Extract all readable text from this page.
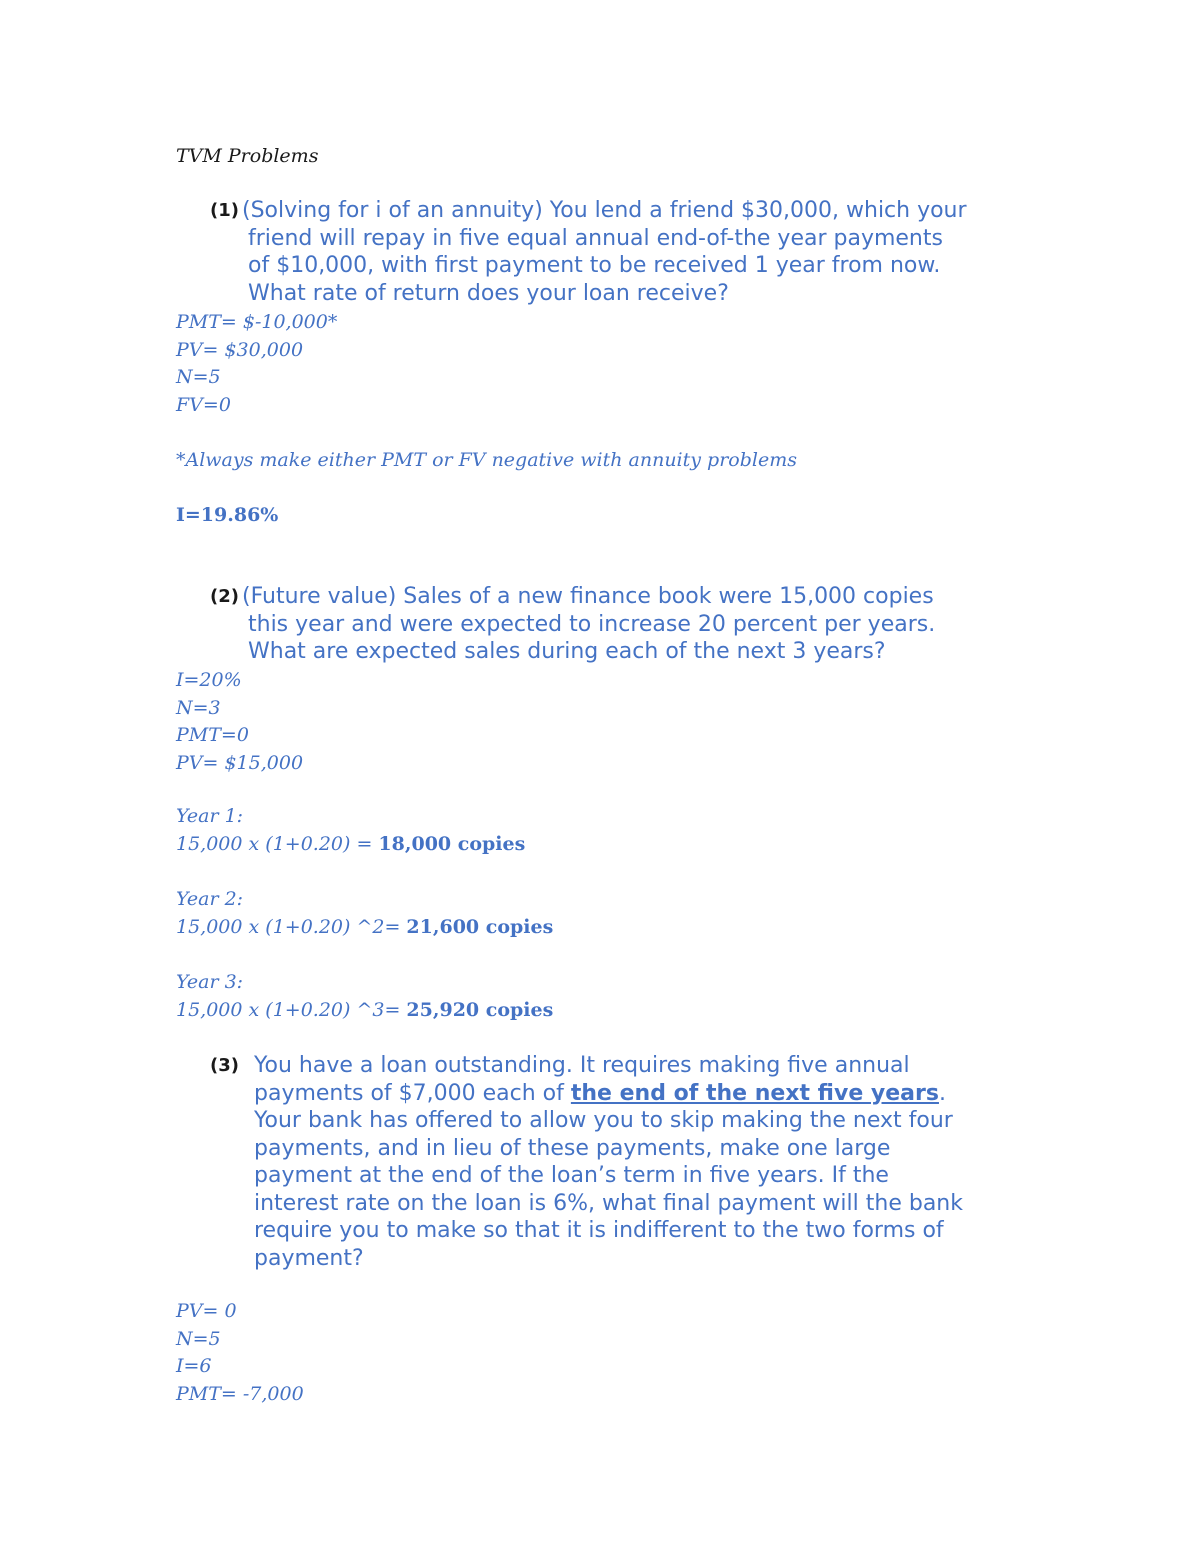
TVM Problems
(1) (Solving for i of an annuity) You lend a friend $30,000, which your
friend will repay in five equal annual end-of-the year payments
of $10,000, with first payment to be received 1 year from now.
What rate of return does your loan receive?
PMT= $-10,000*
PV= $30,000
N=5
FV=0
*Always make either PMT or FV negative with annuity problems
I=19.86%
(2) (Future value) Sales of a new finance book were 15,000 copies
this year and were expected to increase 20 percent per years.
What are expected sales during each of the next 3 years?
I=20%
N=3
PMT=0
PV= $15,000
Year 1:
15,000 x (1+0.20) = 18,000 copies
Year 2:
15,000 x (1+0.20) ^2= 21,600 copies
Year 3:
15,000 x (1+0.20) ^3= 25,920 copies
(3) You have a loan outstanding. It requires making five annual
payments of $7,000 each of the end of the next five years.
Your bank has offered to allow you to skip making the next four
payments, and in lieu of these payments, make one large
payment at the end of the loan’s term in five years. If the
interest rate on the loan is 6%, what final payment will the bank
require you to make so that it is indifferent to the two forms of
payment?
PV= 0
N=5
I=6
PMT= -7,000
